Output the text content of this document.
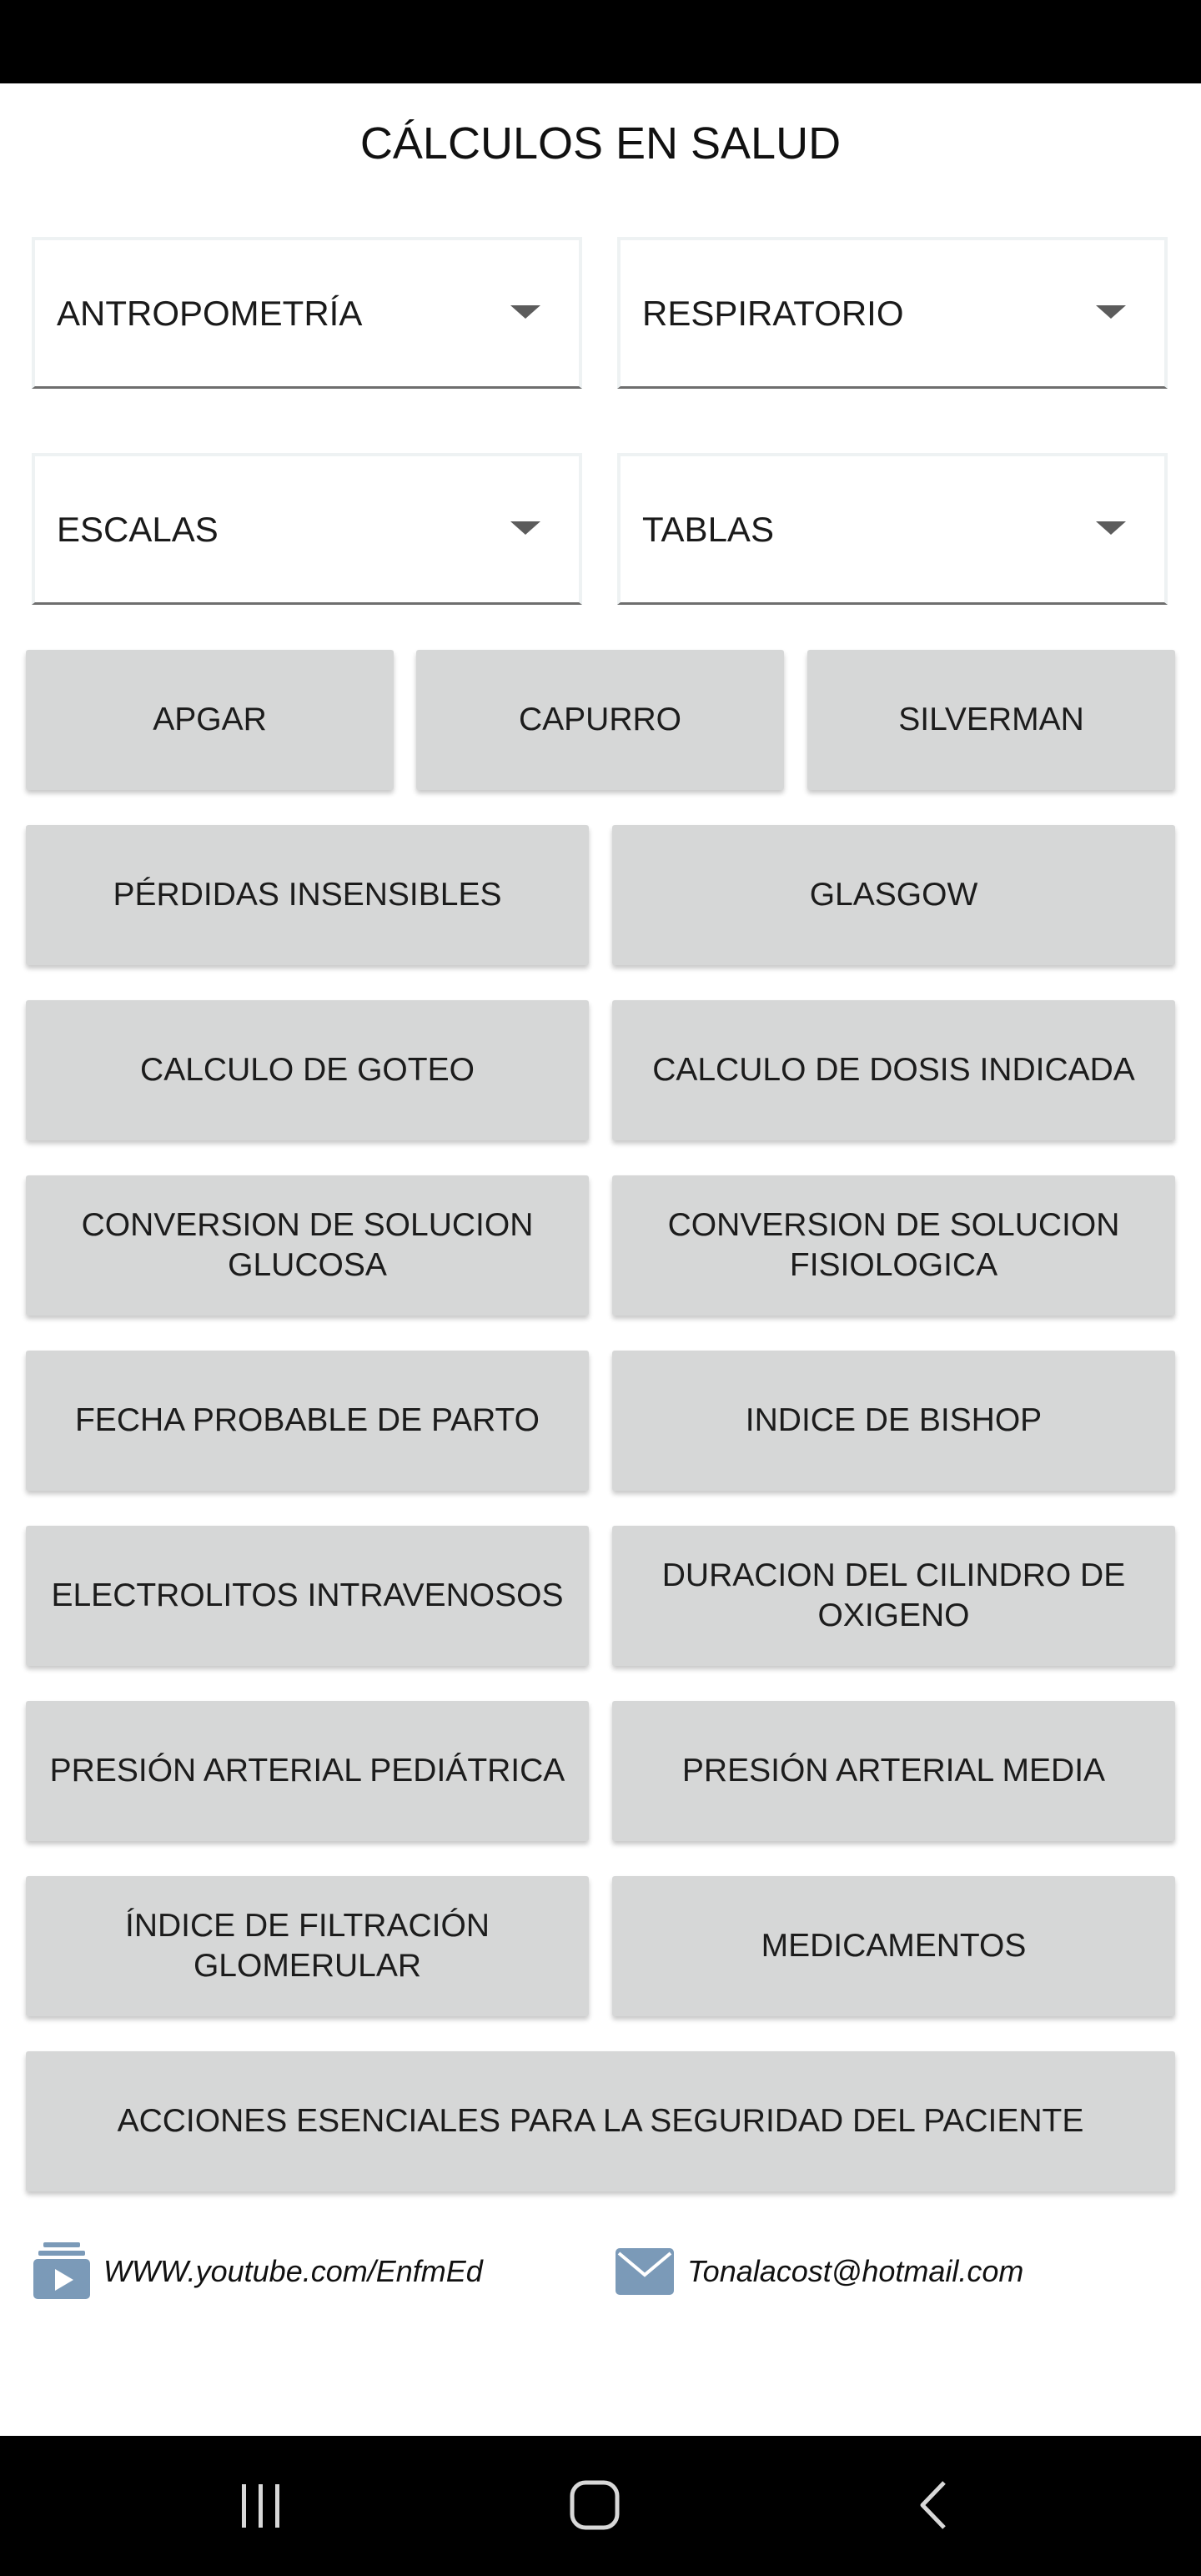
CÁLCULOS EN SALUD
ANTROPOMETRÍA	RESPIRATORIO
ESCALAS	TABLAS
APGAR	CAPURRO	SILVERMAN
PÉRDIDAS INSENSIBLES	GLASGOW
CALCULO DE GOTEO	CALCULO DE DOSIS INDICADA
CONVERSION DE SOLUCION
GLUCOSA
CONVERSION DE SOLUCION
FISIOLOGICA
FECHA PROBABLE DE PARTO	INDICE DE BISHOP
ELECTROLITOS INTRAVENOSOS
DURACION DEL CILINDRO DE
OXIGENO
PRESIÓN ARTERIAL PEDIÁTRICA	PRESIÓN ARTERIAL MEDIA
ÍNDICE DE FILTRACIÓN
GLOMERULAR
MEDICAMENTOS
ACCIONES ESENCIALES PARA LA SEGURIDAD DEL PACIENTE
WWW.youtube.com/EnfmEd	Tonalacost@hotmail.com
